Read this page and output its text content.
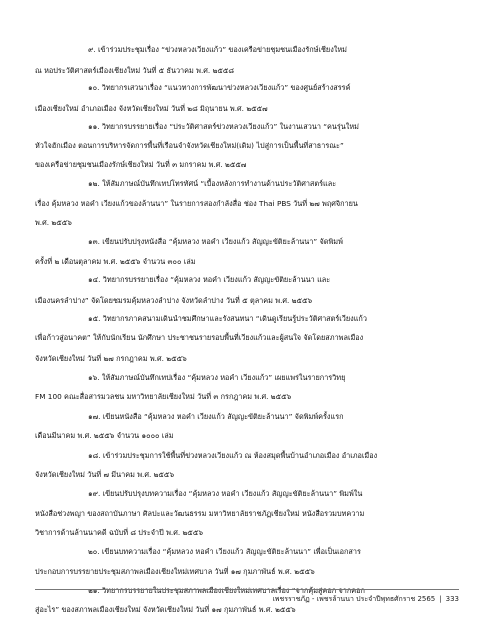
๙. เข้าร่วมประชุมเรื่อง “ข่วงหลวงเวียงแก้ว” ของเครือข่ายชุมชนเมืองรักษ์เชียงใหม่
ณ หอประวัติศาสตร์เมืองเชียงใหม่ วันที่ ๕ ธันวาคม พ.ศ. ๒๕๕๘
๑๐. วิทยากรเสวนาเรื่อง “แนวทางการพัฒนาข่วงหลวงเวียงแก้ว” ของศูนย์สร้างสรรค์
เมืองเชียงใหม่ อำเภอเมือง จังหวัดเชียงใหม่ วันที่ ๒๘ มิถุนายน พ.ศ. ๒๕๕๗
๑๑. วิทยากรบรรยายเรื่อง “ประวัติศาสตร์ข่วงหลวงเวียงแก้ว” ในงานเสวนา “คนรุ่นใหม่
หัวใจฮักเมือง ตอนการบริหารจัดการพื้นที่เรือนจำจังหวัดเชียงใหม่(เดิม) ไปสู่การเป็นพื้นที่สาธารณะ”
ของเครือข่ายชุมชนเมืองรักษ์เชียงใหม่ วันที่ ๓ มกราคม พ.ศ. ๒๕๕๗
๑๒. ให้สัมภาษณ์บันทึกเทปโทรทัศน์ “เบื้องหลังการทำงานด้านประวัติศาสตร์และ
เรื่อง คุ้มหลวง หอคำ เวียงแก้วของล้านนา” ในรายการสองกำลังสื่อ ช่อง Thai PBS วันที่ ๒๗ พฤศจิกายน
พ.ศ. ๒๕๕๖
๑๓. เขียนปรับปรุงหนังสือ “คุ้มหลวง หอคำ เวียงแก้ว สัญญะขัติยะล้านนา” จัดพิมพ์
ครั้งที่ ๒ เดือนตุลาคม พ.ศ. ๒๕๕๖ จำนวน ๓๐๐ เล่ม
๑๔. วิทยากรบรรยายเรื่อง “คุ้มหลวง หอคำ เวียงแก้ว สัญญะขัติยะล้านนา และ
เมืองนครลำปาง” จัดโดยชมรมคุ้มหลวงลำปาง จังหวัดลำปาง วันที่ ๕ ตุลาคม พ.ศ. ๒๕๕๖
๑๕. วิทยากรภาคสนามเดินนำชมศึกษาและรังสนทนา “เดินดูเรียนรู้ประวัติศาสตร์เวียงแก้ว
เพื่อก้าวสู่อนาคต” ให้กับนักเรียน นักศึกษา ประชาชนรายรอบพื้นที่เวียงแก้วและผู้สนใจ จัดโดยสภาพลเมือง
จังหวัดเชียงใหม่ วันที่ ๒๗ กรกฎาคม พ.ศ. ๒๕๕๖
๑๖. ให้สัมภาษณ์บันทึกเทปเรื่อง “คุ้มหลวง หอคำ เวียงแก้ว” เผยแพร่ในรายการวิทยุ
FM 100 คณะสื่อสารมวลชน มหาวิทยาลัยเชียงใหม่ วันที่ ๓ กรกฎาคม พ.ศ. ๒๕๕๖
๑๗. เขียนหนังสือ “คุ้มหลวง หอคำ เวียงแก้ว สัญญะขัติยะล้านนา” จัดพิมพ์ครั้งแรก
เดือนมีนาคม พ.ศ. ๒๕๕๖ จำนวน ๑๐๐๐ เล่ม
๑๘. เข้าร่วมประชุมการใช้พื้นที่ข่วงหลวงเวียงแก้ว ณ ห้องสมุดพื้นบ้านอำเภอเมือง อำเภอเมือง
จังหวัดเชียงใหม่ วันที่ ๗ มีนาคม พ.ศ. ๒๕๕๖
๑๙. เขียนปรับปรุงบทความเรื่อง “คุ้มหลวง หอคำ เวียงแก้ว สัญญะขัติยะล้านนา” พิมพ์ใน
หนังสือช่วงพญา ของสถาบันภาษา ศิลปะและวัฒนธรรม มหาวิทยาลัยราชภัฏเชียงใหม่ หนังสือรวมบทความ
วิชาการด้านล้านนาคดี ฉบับที่ ๘ ประจำปี พ.ศ. ๒๕๕๖
๒๐. เขียนบทความเรื่อง “คุ้มหลวง หอคำ เวียงแก้ว สัญญะขัติยะล้านนา” เพื่อเป็นเอกสาร
ประกอบการบรรยายประชุมสภาพลเมืองเชียงใหม่เทศบาล วันที่ ๑๗ กุมภาพันธ์ พ.ศ. ๒๕๕๖
๒๑. วิทยากรบรรยายในประชุมสภาพลเมืองเชียงใหม่เทศบาลเรื่อง “จากคุ้มสู่คอก จากคอก
สู่อะไร” ของสภาพลเมืองเชียงใหม่ จังหวัดเชียงใหม่ วันที่ ๑๗ กุมภาพันธ์ พ.ศ. ๒๕๕๖
เพชรราชภัฏ - เพชรล้านนา ประจำปีพุทธศักราช 2565 | 333
